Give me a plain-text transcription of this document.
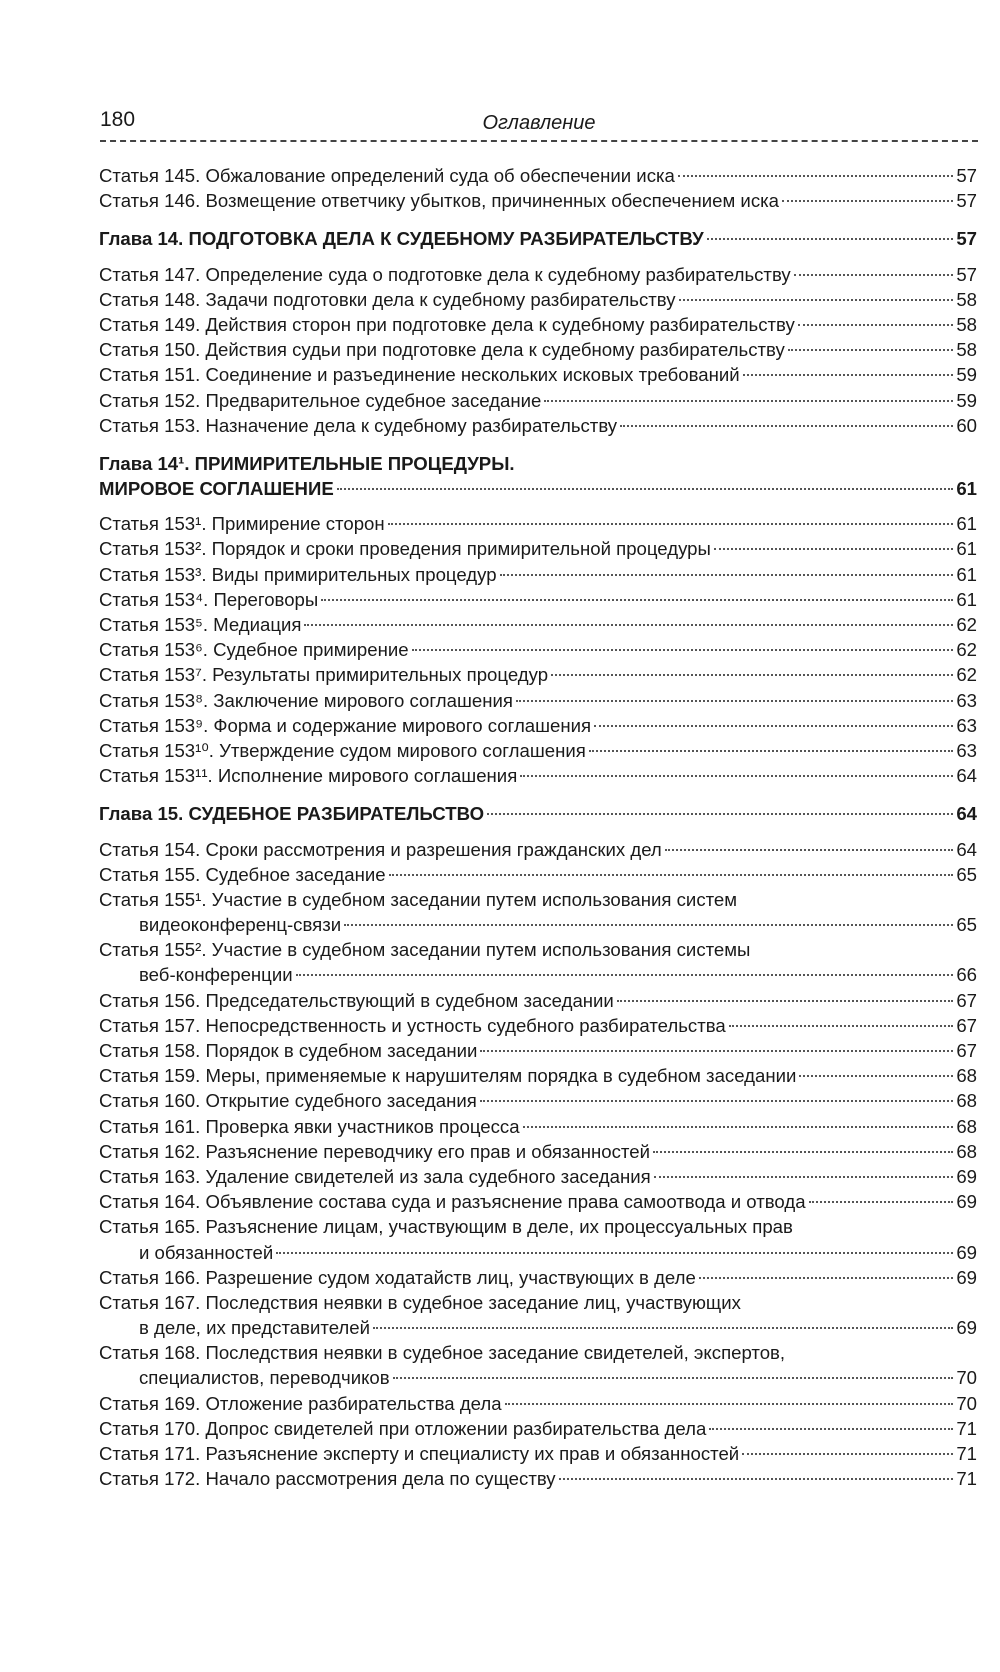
180	Оглавление
Статья 145. Обжалование определений суда об обеспечении иска	57
Статья 146. Возмещение ответчику убытков, причиненных обеспечением иска	57
Глава 14. ПОДГОТОВКА ДЕЛА К СУДЕБНОМУ РАЗБИРАТЕЛЬСТВУ	57
Статья 147. Определение суда о подготовке дела к судебному разбирательству	57
Статья 148. Задачи подготовки дела к судебному разбирательству	58
Статья 149. Действия сторон при подготовке дела к судебному разбирательству	58
Статья 150. Действия судьи при подготовке дела к судебному разбирательству	58
Статья 151. Соединение и разъединение нескольких исковых требований	59
Статья 152. Предварительное судебное заседание	59
Статья 153. Назначение дела к судебному разбирательству	60
Глава 14¹. ПРИМИРИТЕЛЬНЫЕ ПРОЦЕДУРЫ.
МИРОВОЕ СОГЛАШЕНИЕ	61
Статья 153¹. Примирение сторон	61
Статья 153². Порядок и сроки проведения примирительной процедуры	61
Статья 153³. Виды примирительных процедур	61
Статья 153⁴. Переговоры	61
Статья 153⁵. Медиация	62
Статья 153⁶. Судебное примирение	62
Статья 153⁷. Результаты примирительных процедур	62
Статья 153⁸. Заключение мирового соглашения	63
Статья 153⁹. Форма и содержание мирового соглашения	63
Статья 153¹⁰. Утверждение судом мирового соглашения	63
Статья 153¹¹. Исполнение мирового соглашения	64
Глава 15. СУДЕБНОЕ РАЗБИРАТЕЛЬСТВО	64
Статья 154. Сроки рассмотрения и разрешения гражданских дел	64
Статья 155. Судебное заседание	65
Статья 155¹. Участие в судебном заседании путем использования систем
видеоконференц-связи	65
Статья 155². Участие в судебном заседании путем использования системы
веб-конференции	66
Статья 156. Председательствующий в судебном заседании	67
Статья 157. Непосредственность и устность судебного разбирательства	67
Статья 158. Порядок в судебном заседании	67
Статья 159. Меры, применяемые к нарушителям порядка в судебном заседании	68
Статья 160. Открытие судебного заседания	68
Статья 161. Проверка явки участников процесса	68
Статья 162. Разъяснение переводчику его прав и обязанностей	68
Статья 163. Удаление свидетелей из зала судебного заседания	69
Статья 164. Объявление состава суда и разъяснение права самоотвода и отвода	69
Статья 165. Разъяснение лицам, участвующим в деле, их процессуальных прав
и обязанностей	69
Статья 166. Разрешение судом ходатайств лиц, участвующих в деле	69
Статья 167. Последствия неявки в судебное заседание лиц, участвующих
в деле, их представителей	69
Статья 168. Последствия неявки в судебное заседание свидетелей, экспертов,
специалистов, переводчиков	70
Статья 169. Отложение разбирательства дела	70
Статья 170. Допрос свидетелей при отложении разбирательства дела	71
Статья 171. Разъяснение эксперту и специалисту их прав и обязанностей	71
Статья 172. Начало рассмотрения дела по существу	71
